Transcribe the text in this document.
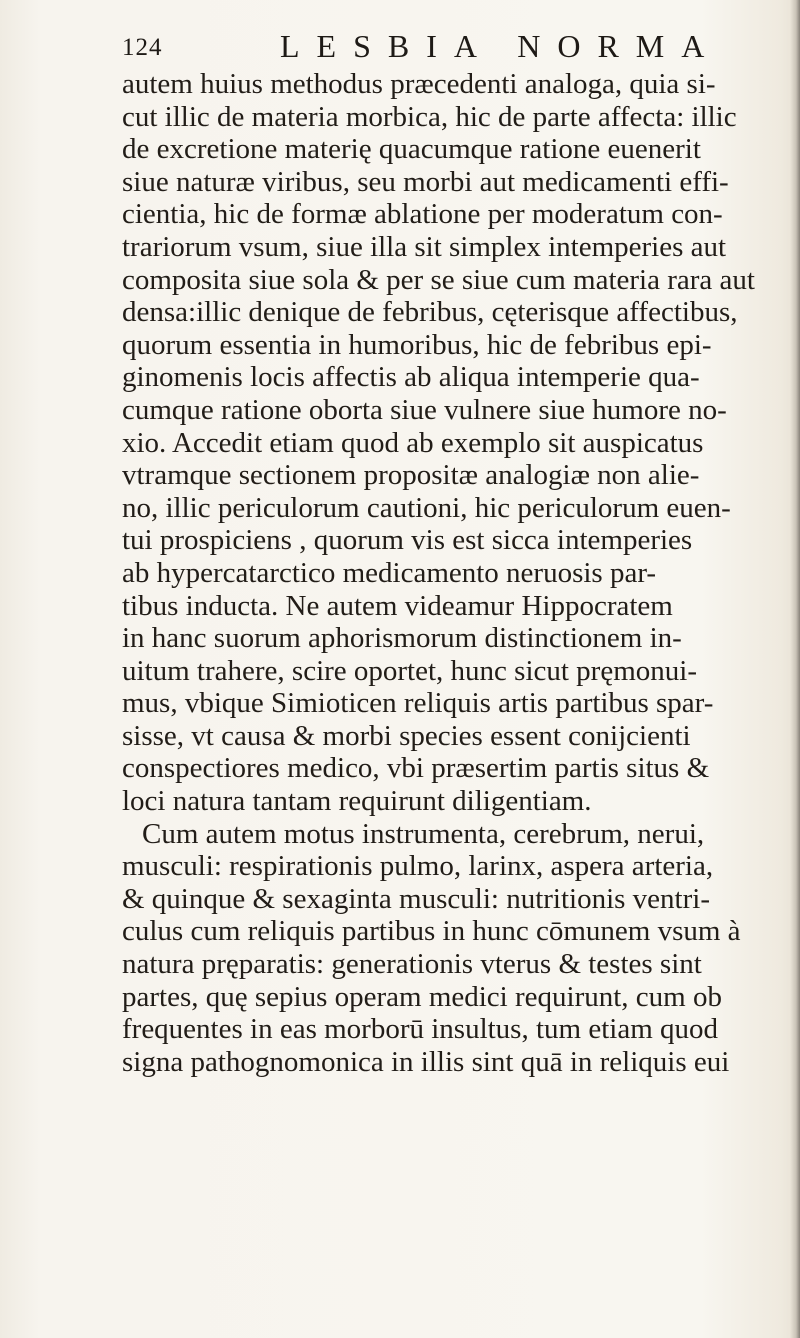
124	LESBIA NORMA
autem huius methodus præcedenti analoga, quia si-
cut illic de materia morbica, hic de parte affecta: illic
de excretione materię quacumque ratione euenerit
siue naturæ viribus, seu morbi aut medicamenti effi-
cientia, hic de formæ ablatione per moderatum con-
trariorum vsum, siue illa sit simplex intemperies aut
composita siue sola & per se siue cum materia rara aut
densa:illic denique de febribus, cęterisque affectibus,
quorum essentia in humoribus, hic de febribus epi-
ginomenis locis affectis ab aliqua intemperie qua-
cumque ratione oborta siue vulnere siue humore no-
xio. Accedit etiam quod ab exemplo sit auspicatus
vtramque sectionem propositæ analogiæ non alie-
no, illic periculorum cautioni, hic periculorum euen-
tui prospiciens , quorum vis est sicca intemperies
ab hypercatarctico medicamento neruosis par-
tibus inducta. Ne autem videamur Hippocratem
in hanc suorum aphorismorum distinctionem in-
uitum trahere, scire oportet, hunc sicut pręmonui-
mus, vbique Simioticen reliquis artis partibus spar-
sisse, vt causa & morbi species essent conijcienti
conspectiores medico, vbi præsertim partis situs &
loci natura tantam requirunt diligentiam.
Cum autem motus instrumenta, cerebrum, nerui,
musculi: respirationis pulmo, larinx, aspera arteria,
& quinque & sexaginta musculi: nutritionis ventri-
culus cum reliquis partibus in hunc cōmunem vsum à
natura pręparatis: generationis vterus & testes sint
partes, quę sepius operam medici requirunt, cum ob
frequentes in eas morborū insultus, tum etiam quod
signa pathognomonica in illis sint quā in reliquis eui
